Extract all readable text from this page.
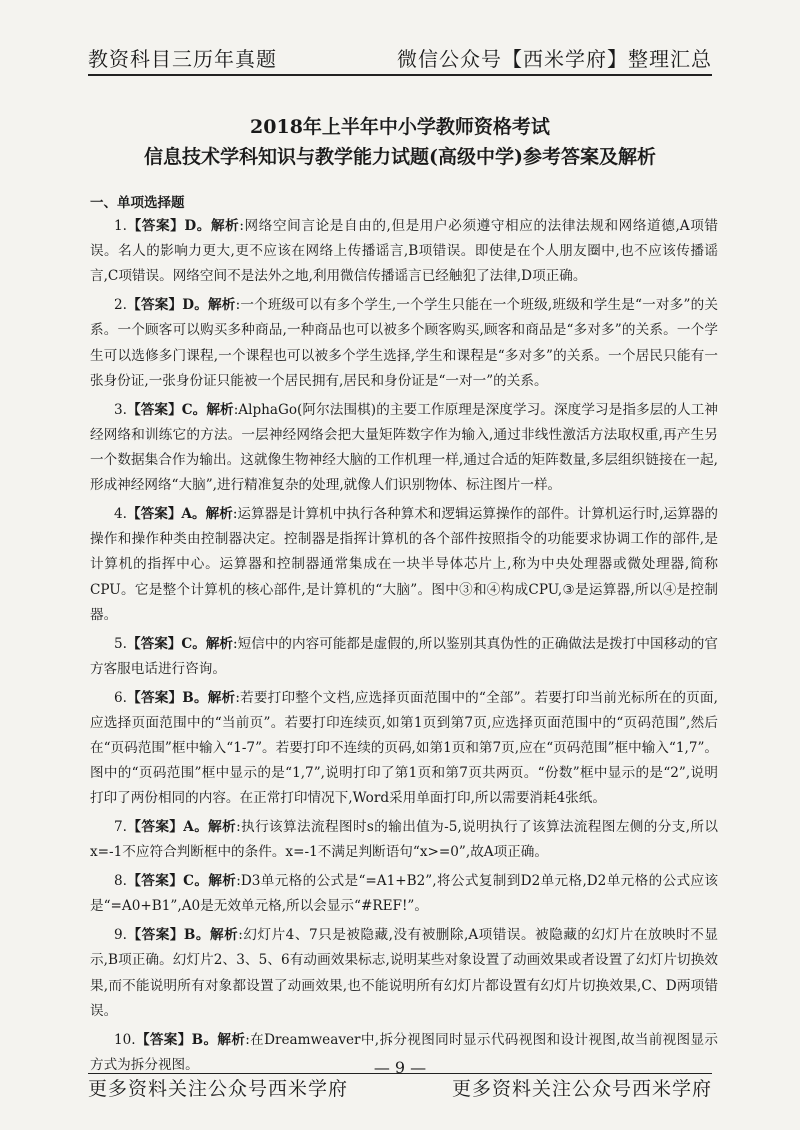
教资科目三历年真题	微信公众号【西米学府】整理汇总
2018年上半年中小学教师资格考试
信息技术学科知识与教学能力试题(高级中学)参考答案及解析
一、单项选择题

1.【答案】D。解析:网络空间言论是自由的,但是用户必须遵守相应的法律法规和网络道德,A项错误。名人的影响力更大,更不应该在网络上传播谣言,B项错误。即使是在个人朋友圈中,也不应该传播谣言,C项错误。网络空间不是法外之地,利用微信传播谣言已经触犯了法律,D项正确。

2.【答案】D。解析:一个班级可以有多个学生,一个学生只能在一个班级,班级和学生是“一对多”的关系。一个顾客可以购买多种商品,一种商品也可以被多个顾客购买,顾客和商品是“多对多”的关系。一个学生可以选修多门课程,一个课程也可以被多个学生选择,学生和课程是“多对多”的关系。一个居民只能有一张身份证,一张身份证只能被一个居民拥有,居民和身份证是“一对一”的关系。

3.【答案】C。解析:AlphaGo(阿尔法围棋)的主要工作原理是深度学习。深度学习是指多层的人工神经网络和训练它的方法。一层神经网络会把大量矩阵数字作为输入,通过非线性激活方法取权重,再产生另一个数据集合作为输出。这就像生物神经大脑的工作机理一样,通过合适的矩阵数量,多层组织链接在一起,形成神经网络“大脑”,进行精准复杂的处理,就像人们识别物体、标注图片一样。

4.【答案】A。解析:运算器是计算机中执行各种算术和逻辑运算操作的部件。计算机运行时,运算器的操作和操作种类由控制器决定。控制器是指挥计算机的各个部件按照指令的功能要求协调工作的部件,是计算机的指挥中心。运算器和控制器通常集成在一块半导体芯片上,称为中央处理器或微处理器,简称CPU。它是整个计算机的核心部件,是计算机的“大脑”。图中③和④构成CPU,③是运算器,所以④是控制器。

5.【答案】C。解析:短信中的内容可能都是虚假的,所以鉴别其真伪性的正确做法是拨打中国移动的官方客服电话进行咨询。

6.【答案】B。解析:若要打印整个文档,应选择页面范围中的“全部”。若要打印当前光标所在的页面,应选择页面范围中的“当前页”。若要打印连续页,如第1页到第7页,应选择页面范围中的“页码范围”,然后在“页码范围”框中输入“1-7”。若要打印不连续的页码,如第1页和第7页,应在“页码范围”框中输入“1,7”。图中的“页码范围”框中显示的是“1,7”,说明打印了第1页和第7页共两页。“份数”框中显示的是“2”,说明打印了两份相同的内容。在正常打印情况下,Word采用单面打印,所以需要消耗4张纸。

7.【答案】A。解析:执行该算法流程图时s的输出值为-5,说明执行了该算法流程图左侧的分支,所以x=-1不应符合判断框中的条件。x=-1不满足判断语句“x>=0”,故A项正确。

8.【答案】C。解析:D3单元格的公式是“=A1+B2”,将公式复制到D2单元格,D2单元格的公式应该是“=A0+B1”,A0是无效单元格,所以会显示“#REF!”。

9.【答案】B。解析:幻灯片4、7只是被隐藏,没有被删除,A项错误。被隐藏的幻灯片在放映时不显示,B项正确。幻灯片2、3、5、6有动画效果标志,说明某些对象设置了动画效果或者设置了幻灯片切换效果,而不能说明所有对象都设置了动画效果,也不能说明所有幻灯片都设置有幻灯片切换效果,C、D两项错误。

10.【答案】B。解析:在Dreamweaver中,拆分视图同时显示代码视图和设计视图,故当前视图显示方式为拆分视图。	— 9 —
更多资料关注公众号西米学府	更多资料关注公众号西米学府
